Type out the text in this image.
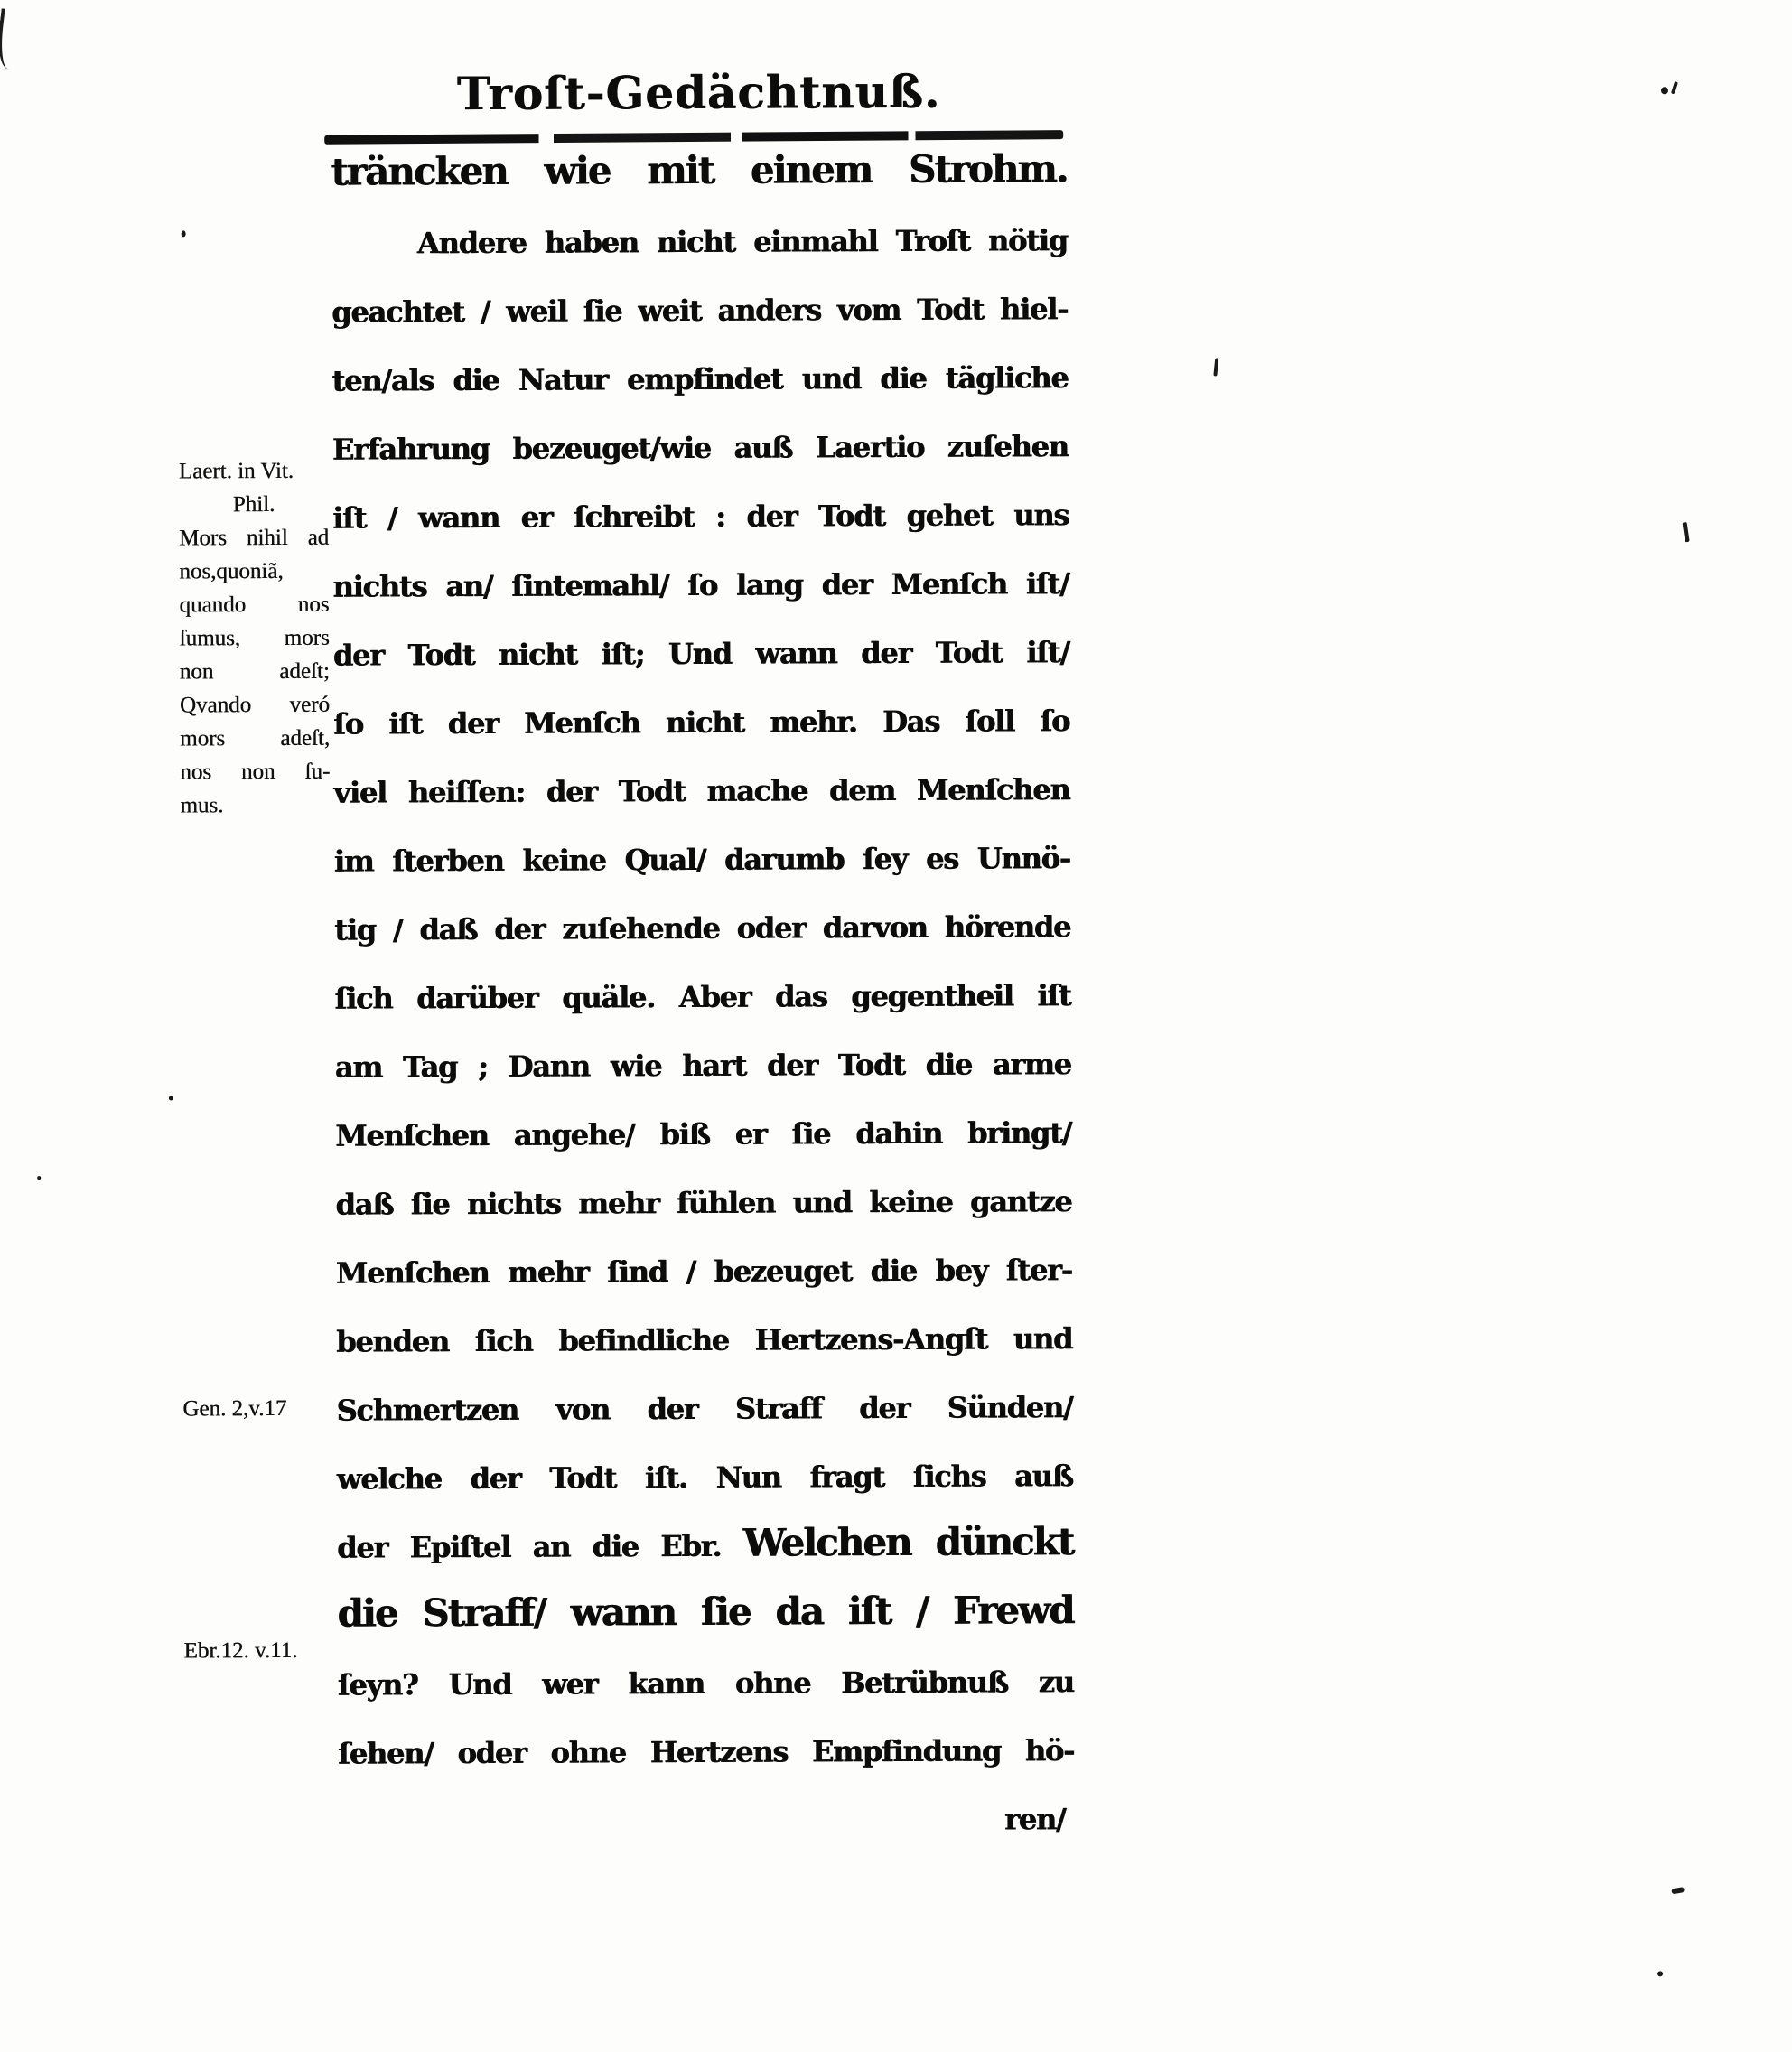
Troſt-Gedächtnuß.
Laert. in Vit.
Phil.
Mors nihil ad
nos,quoniã,
quando nos
ſumus, mors
non adeſt;
Qvando veró
mors adeſt,
nos non ſu-
mus.
Gen. 2,v.17
Ebr.12. v.11.
träncken wie mit einem Strohm.
Andere haben nicht einmahl Troſt nötig
geachtet / weil ſie weit anders vom Todt hiel-
ten/als die Natur empfindet und die tägliche
Erfahrung bezeuget/wie auß Laertio zuſehen
iſt / wann er ſchreibt : der Todt gehet uns
nichts an/ ſintemahl/ ſo lang der Menſch iſt/
der Todt nicht iſt; Und wann der Todt iſt/
ſo iſt der Menſch nicht mehr. Das ſoll ſo
viel heiſſen: der Todt mache dem Menſchen
im ſterben keine Qual/ darumb ſey es Unnö-
tig / daß der zuſehende oder darvon hörende
ſich darüber quäle. Aber das gegentheil iſt
am Tag ; Dann wie hart der Todt die arme
Menſchen angehe/ biß er ſie dahin bringt/
daß ſie nichts mehr fühlen und keine gantze
Menſchen mehr ſind / bezeuget die bey ſter-
benden ſich befindliche Hertzens-Angſt und
Schmertzen von der Straff der Sünden/
welche der Todt iſt. Nun fragt ſichs auß
der Epiſtel an die Ebr. Welchen dünckt
die Straff/ wann ſie da iſt / Frewd
ſeyn? Und wer kann ohne Betrübnuß zu
ſehen/ oder ohne Hertzens Empfindung hö-
ren/
